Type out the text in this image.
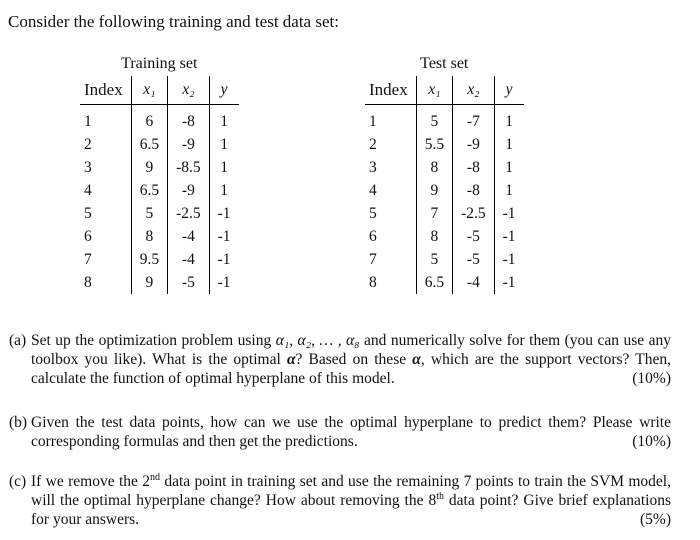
Consider the following training and test data set:
Training set
Index	x₁	x₂	y
1	6	-8	1
2	6.5	-9	1
3	9	-8.5	1
4	6.5	-9	1
5	5	-2.5	-1
6	8	-4	-1
7	9.5	-4	-1
8	9	-5	-1
Test set
Index	x₁	x₂	y
1	5	-7	1
2	5.5	-9	1
3	8	-8	1
4	9	-8	1
5	7	-2.5	-1
6	8	-5	-1
7	5	-5	-1
8	6.5	-4	-1
(a) Set up the optimization problem using α₁, α₂, … , α₈ and numerically solve for them (you can use any toolbox you like). What is the optimal α? Based on these α, which are the support vectors? Then, calculate the function of optimal hyperplane of this model.	(10%)
(b) Given the test data points, how can we use the optimal hyperplane to predict them? Please write corresponding formulas and then get the predictions.	(10%)
(c) If we remove the 2nd data point in training set and use the remaining 7 points to train the SVM model, will the optimal hyperplane change? How about removing the 8th data point? Give brief explanations for your answers.	(5%)
